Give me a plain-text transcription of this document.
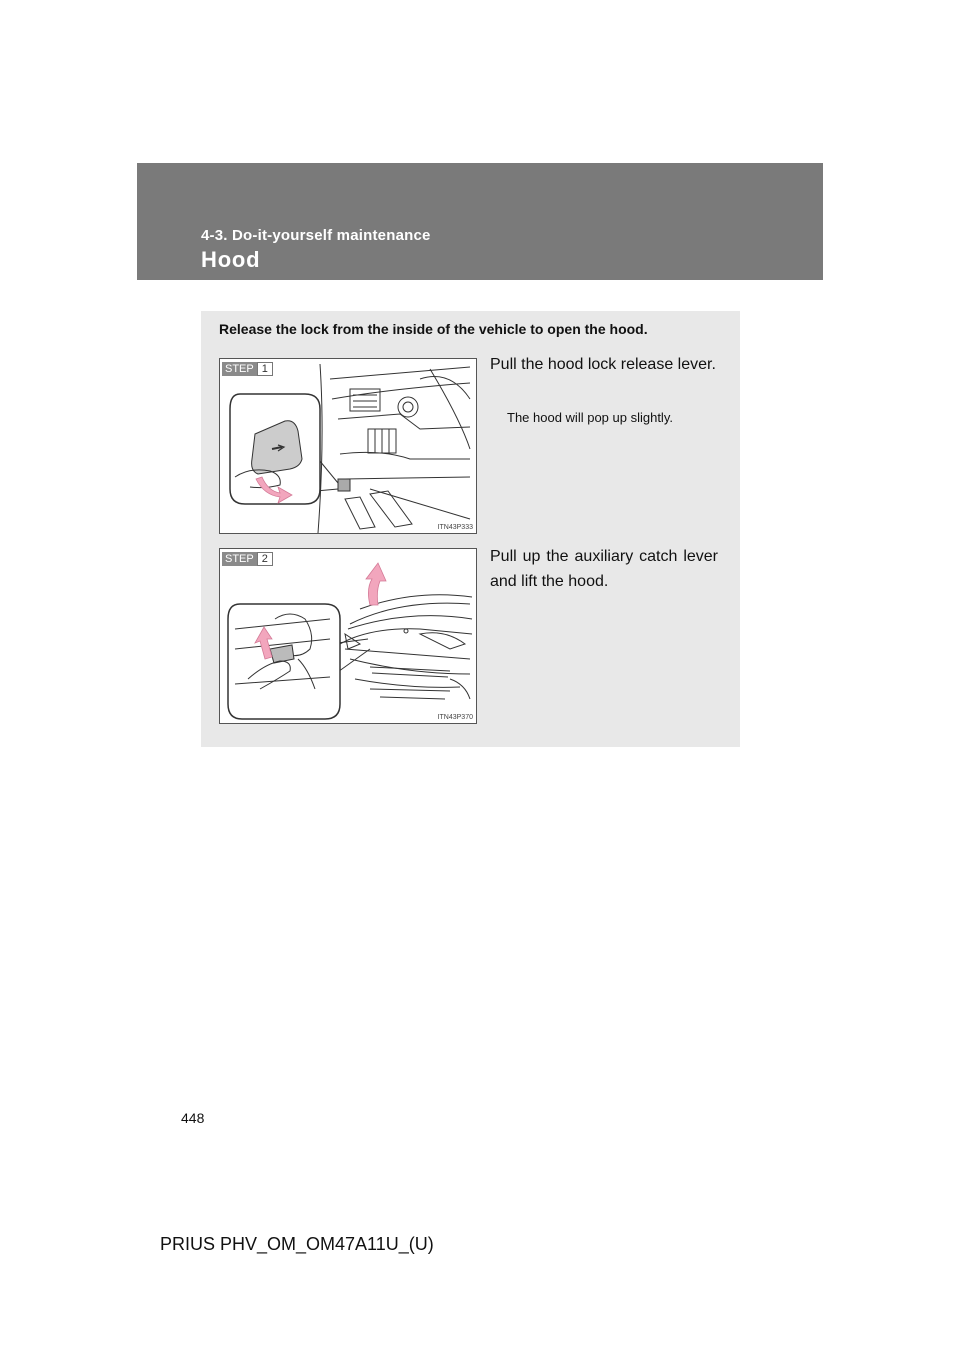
4-3. Do-it-yourself maintenance
Hood
Release the lock from the inside of the vehicle to open the hood.
STEP 1
ITN43P333
Pull the hood lock release lever.
The hood will pop up slightly.
STEP 2
ITN43P370
Pull up the auxiliary catch lever and lift the hood.
448
PRIUS PHV_OM_OM47A11U_(U)
